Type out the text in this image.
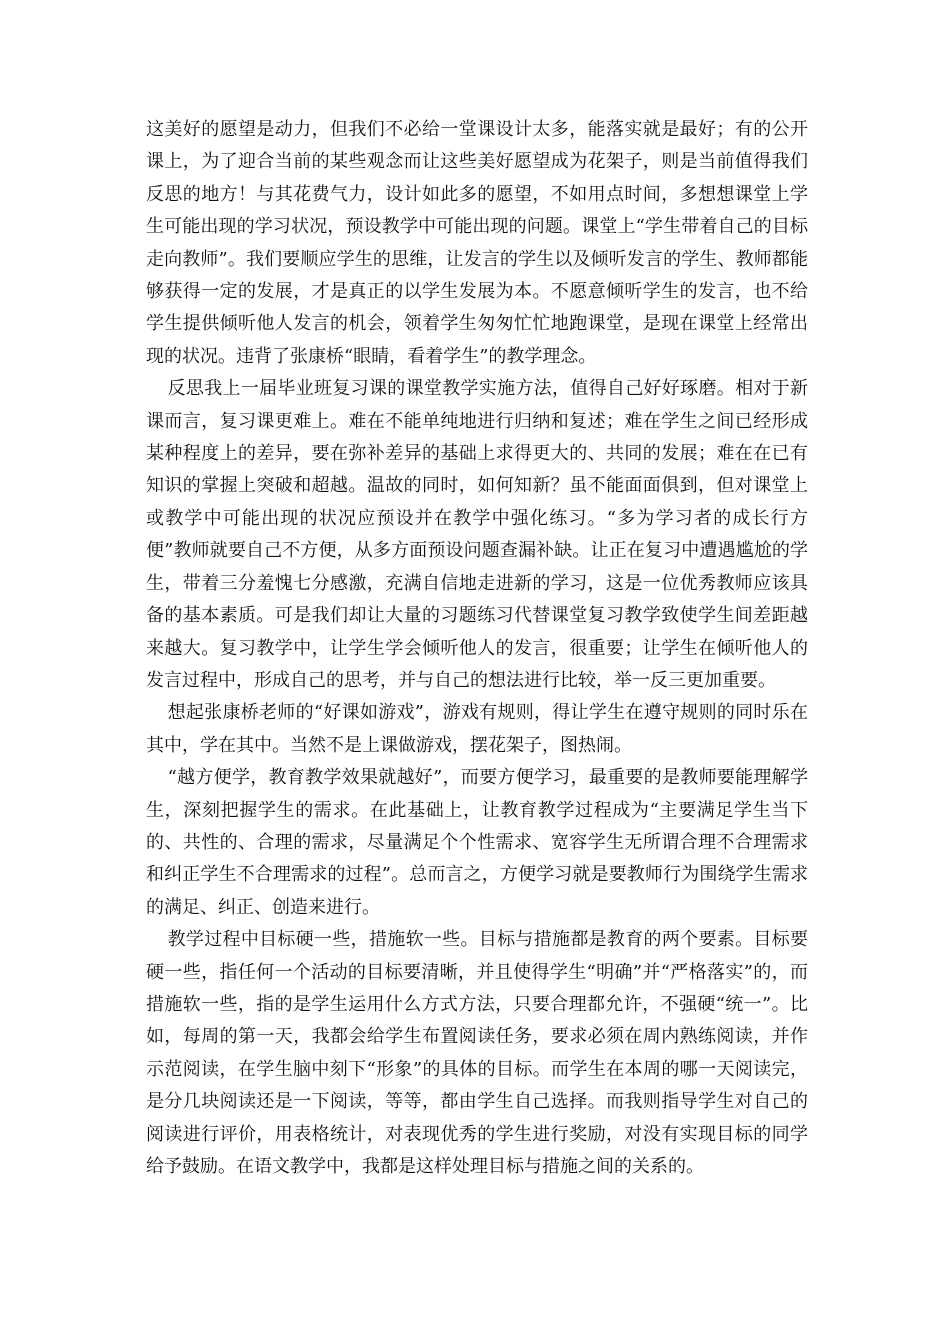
这美好的愿望是动力，但我们不必给一堂课设计太多，能落实就是最好；有的公开课上，为了迎合当前的某些观念而让这些美好愿望成为花架子，则是当前值得我们反思的地方！与其花费气力，设计如此多的愿望，不如用点时间，多想想课堂上学生可能出现的学习状况，预设教学中可能出现的问题。课堂上“学生带着自己的目标走向教师”。我们要顺应学生的思维，让发言的学生以及倾听发言的学生、教师都能够获得一定的发展，才是真正的以学生发展为本。不愿意倾听学生的发言，也不给学生提供倾听他人发言的机会，领着学生匆匆忙忙地跑课堂，是现在课堂上经常出现的状况。违背了张康桥“眼睛，看着学生”的教学理念。

反思我上一届毕业班复习课的课堂教学实施方法，值得自己好好琢磨。相对于新课而言，复习课更难上。难在不能单纯地进行归纳和复述；难在学生之间已经形成某种程度上的差异，要在弥补差异的基础上求得更大的、共同的发展；难在在已有知识的掌握上突破和超越。温故的同时，如何知新？虽不能面面俱到，但对课堂上或教学中可能出现的状况应预设并在教学中强化练习。“多为学习者的成长行方便”教师就要自己不方便，从多方面预设问题查漏补缺。让正在复习中遭遇尴尬的学生，带着三分羞愧七分感激，充满自信地走进新的学习，这是一位优秀教师应该具备的基本素质。可是我们却让大量的习题练习代替课堂复习教学致使学生间差距越来越大。复习教学中，让学生学会倾听他人的发言，很重要；让学生在倾听他人的发言过程中，形成自己的思考，并与自己的想法进行比较，举一反三更加重要。

想起张康桥老师的“好课如游戏”，游戏有规则，得让学生在遵守规则的同时乐在其中，学在其中。当然不是上课做游戏，摆花架子，图热闹。

“越方便学，教育教学效果就越好”，而要方便学习，最重要的是教师要能理解学生，深刻把握学生的需求。在此基础上，让教育教学过程成为“主要满足学生当下的、共性的、合理的需求，尽量满足个个性需求、宽容学生无所谓合理不合理需求和纠正学生不合理需求的过程”。总而言之，方便学习就是要教师行为围绕学生需求的满足、纠正、创造来进行。

教学过程中目标硬一些，措施软一些。目标与措施都是教育的两个要素。目标要硬一些，指任何一个活动的目标要清晰，并且使得学生“明确”并“严格落实”的，而措施软一些，指的是学生运用什么方式方法，只要合理都允许，不强硬“统一”。比如，每周的第一天，我都会给学生布置阅读任务，要求必须在周内熟练阅读，并作示范阅读，在学生脑中刻下“形象”的具体的目标。而学生在本周的哪一天阅读完，是分几块阅读还是一下阅读，等等，都由学生自己选择。而我则指导学生对自己的阅读进行评价，用表格统计，对表现优秀的学生进行奖励，对没有实现目标的同学给予鼓励。在语文教学中，我都是这样处理目标与措施之间的关系的。
